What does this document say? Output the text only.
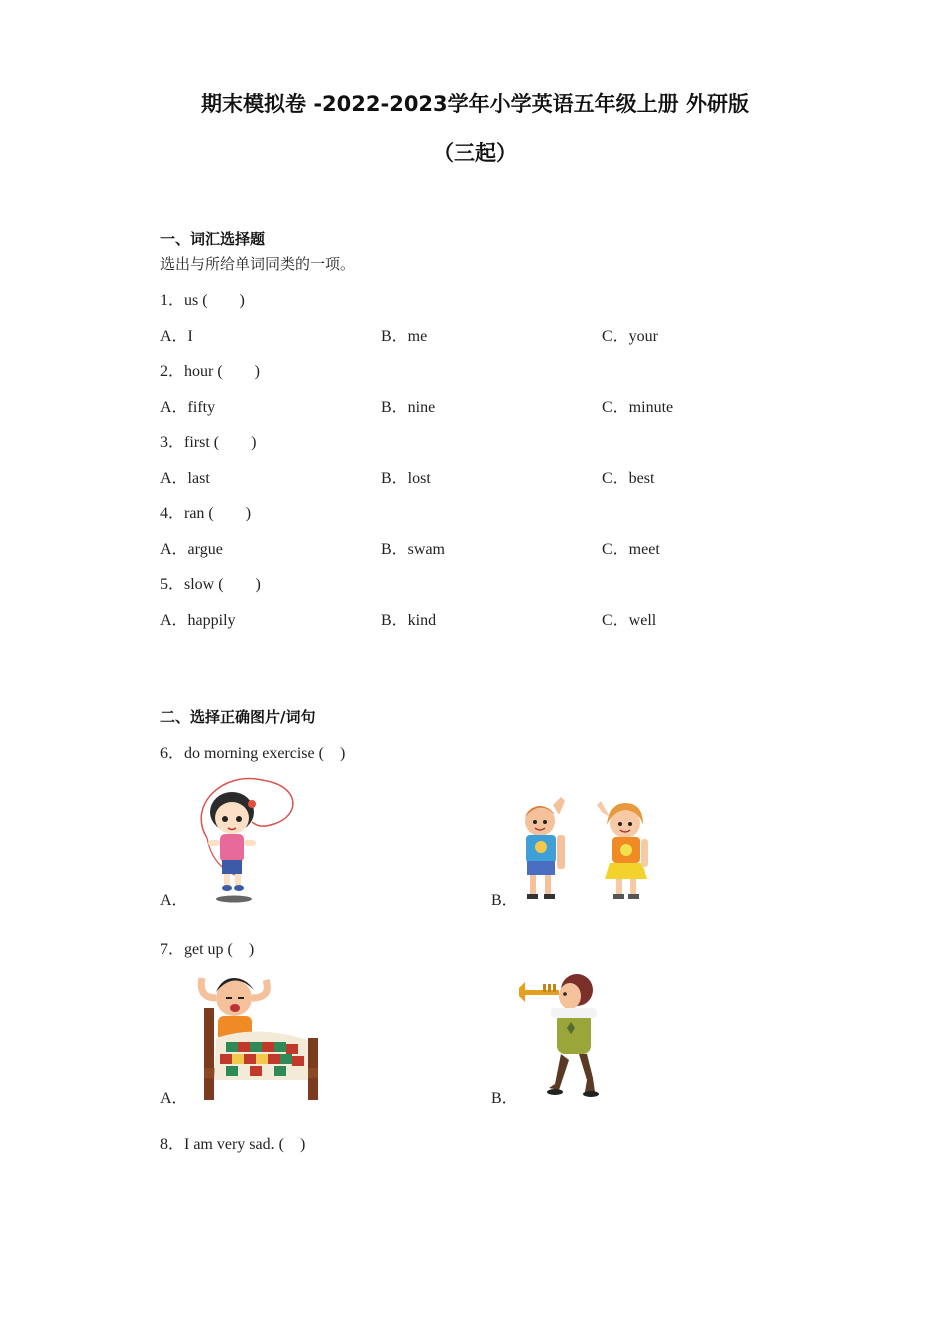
期末模拟卷 -2022-2023学年小学英语五年级上册 外研版
（三起）
一、词汇选择题
选出与所给单词同类的一项。
1．us (　　)
A．I	B．me	C．your
2．hour (　　)
A．fifty	B．nine	C．minute
3．first (　　)
A．last	B．lost	C．best
4．ran (　　)
A．argue	B．swam	C．meet
5．slow (　　)
A．happily	B．kind	C．well
二、选择正确图片/词句
6．do morning exercise (　)
A．	B．
7．get up (　)
A．	B．
8．I am very sad. (　)
